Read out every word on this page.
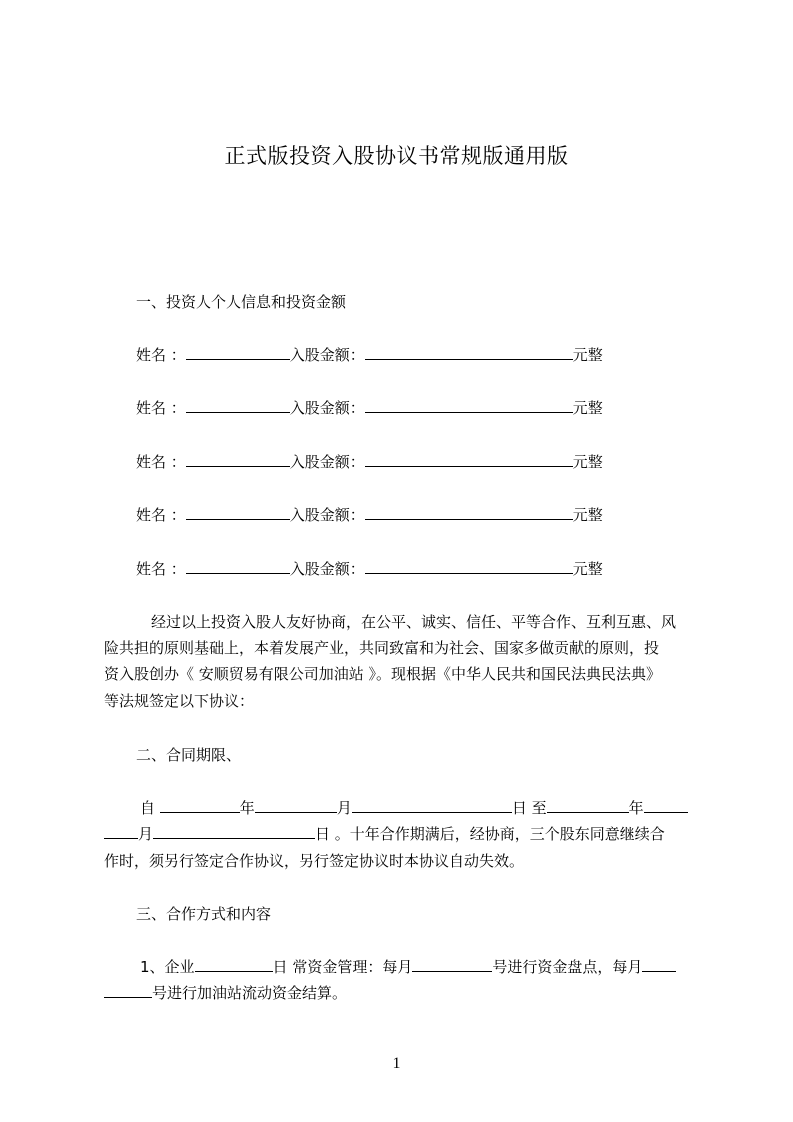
正式版投资入股协议书常规版通用版
一、投资人个人信息和投资金额
姓名 ：	入股金额：	元整
姓名 ：	入股金额：	元整
姓名 ：	入股金额：	元整
姓名 ：	入股金额：	元整
姓名 ：	入股金额：	元整
经过以上投资入股人友好协商，在公平、诚实、信任、平等合作、互利互惠、风
险共担的原则基础上，本着发展产业，共同致富和为社会、国家多做贡献的原则，投
资入股创办《 安顺贸易有限公司加油站 》。现根据《中华人民共和国民法典民法典》
等法规签定以下协议：
二、合同期限、
自	年	月	日 至	年
月	日 。十年合作期满后，经协商，三个股东同意继续合
作时，须另行签定合作协议，另行签定协议时本协议自动失效。
三、合作方式和内容
1、企业	日 常资金管理：每月	号进行资金盘点，每月
号进行加油站流动资金结算。
1
